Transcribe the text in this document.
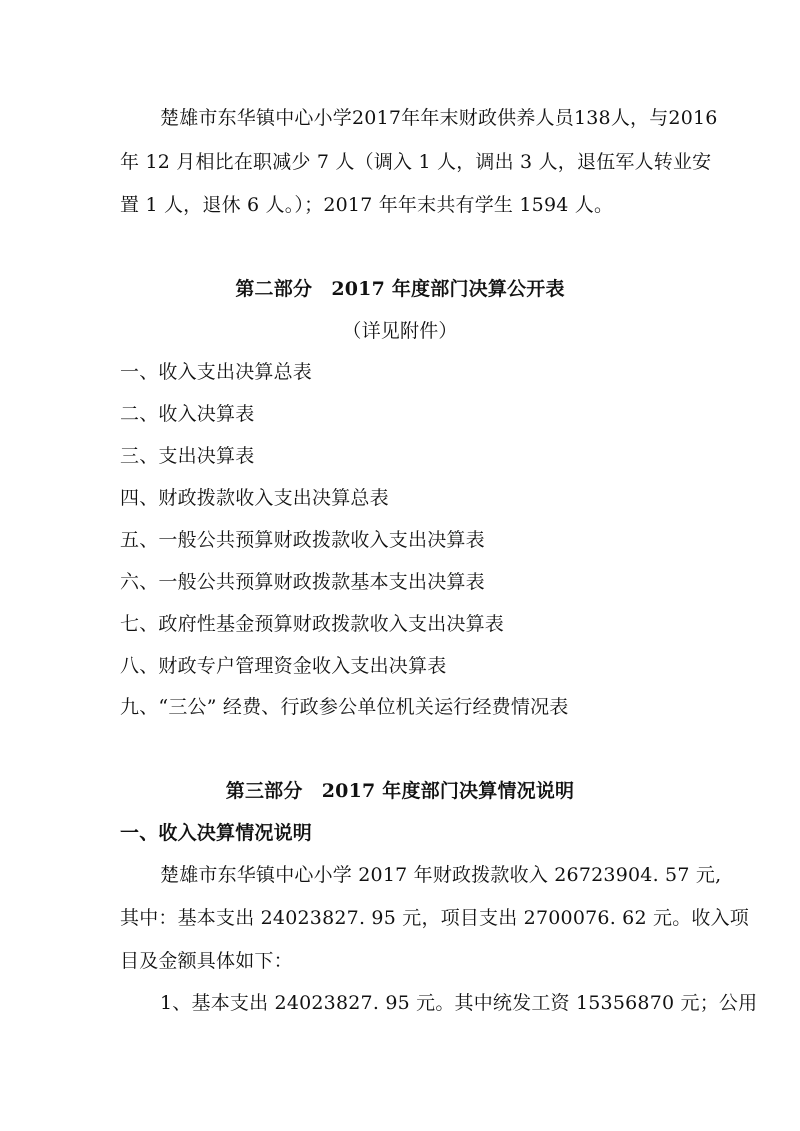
楚雄市东华镇中心小学2017年年末财政供养人员138人，与2016
年 12 月相比在职减少 7 人（调入 1 人，调出 3 人，退伍军人转业安
置 1 人，退休 6 人。）；2017 年年末共有学生 1594 人。
第二部分　2017 年度部门决算公开表
（详见附件）
一、收入支出决算总表
二、收入决算表
三、支出决算表
四、财政拨款收入支出决算总表
五、一般公共预算财政拨款收入支出决算表
六、一般公共预算财政拨款基本支出决算表
七、政府性基金预算财政拨款收入支出决算表
八、财政专户管理资金收入支出决算表
九、“三公” 经费、行政参公单位机关运行经费情况表
第三部分　2017 年度部门决算情况说明
一、收入决算情况说明
楚雄市东华镇中心小学 2017 年财政拨款收入 26723904. 57 元,
其中：基本支出 24023827. 95 元，项目支出 2700076. 62 元。收入项
目及金额具体如下：
1、基本支出 24023827. 95 元。其中统发工资 15356870 元；公用
